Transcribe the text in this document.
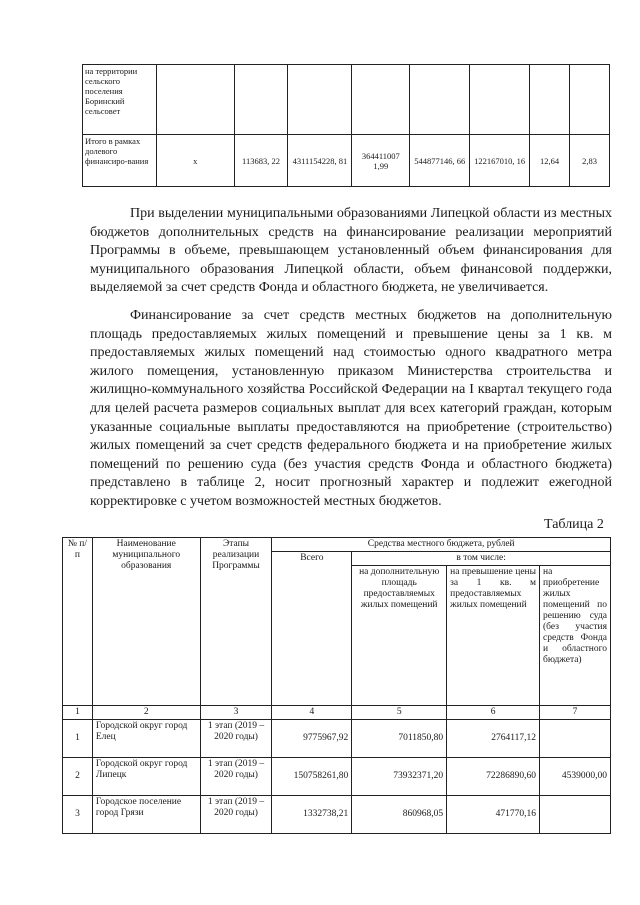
на территории сельского поселения Боринский сельсовет								
Итого в рамках долевого финансиро-вания	х	113683, 22	4311154228, 81	364411007 1,99	544877146, 66	122167010, 16	12,64	2,83

При выделении муниципальными образованиями Липецкой области из местных бюджетов дополнительных средств на финансирование реализации мероприятий Программы в объеме, превышающем установленный объем финансирования для муниципального образования Липецкой области, объем финансовой поддержки, выделяемой за счет средств Фонда и областного бюджета, не увеличивается.

Финансирование за счет средств местных бюджетов на дополнительную площадь предоставляемых жилых помещений и превышение цены за 1 кв. м предоставляемых жилых помещений над стоимостью одного квадратного метра жилого помещения, установленную приказом Министерства строительства и жилищно-коммунального хозяйства Российской Федерации на I квартал текущего года для целей расчета размеров социальных выплат для всех категорий граждан, которым указанные социальные выплаты предоставляются на приобретение (строительство) жилых помещений за счет средств федерального бюджета и на приобретение жилых помещений по решению суда (без участия средств Фонда и областного бюджета) представлено в таблице 2, носит прогнозный характер и подлежит ежегодной корректировке с учетом возможностей местных бюджетов.

Таблица 2
№ п/п	Наименование муниципального образования	Этапы реализации Программы	Средства местного бюджета, рублей			
			Всего	в том числе:		
				на дополнительную площадь предоставляемых жилых помещений	на превышение цены за 1 кв. м предоставляемых жилых помещений	на приобретение жилых помещений по решению суда (без участия средств Фонда и областного бюджета)
1	2	3	4	5	6	7
1	Городской округ город Елец	1 этап (2019 – 2020 годы)	9775967,92	7011850,80	2764117,12	
2	Городской округ город Липецк	1 этап (2019 – 2020 годы)	150758261,80	73932371,20	72286890,60	4539000,00
3	Городское поселение город Грязи	1 этап (2019 – 2020 годы)	1332738,21	860968,05	471770,16	
